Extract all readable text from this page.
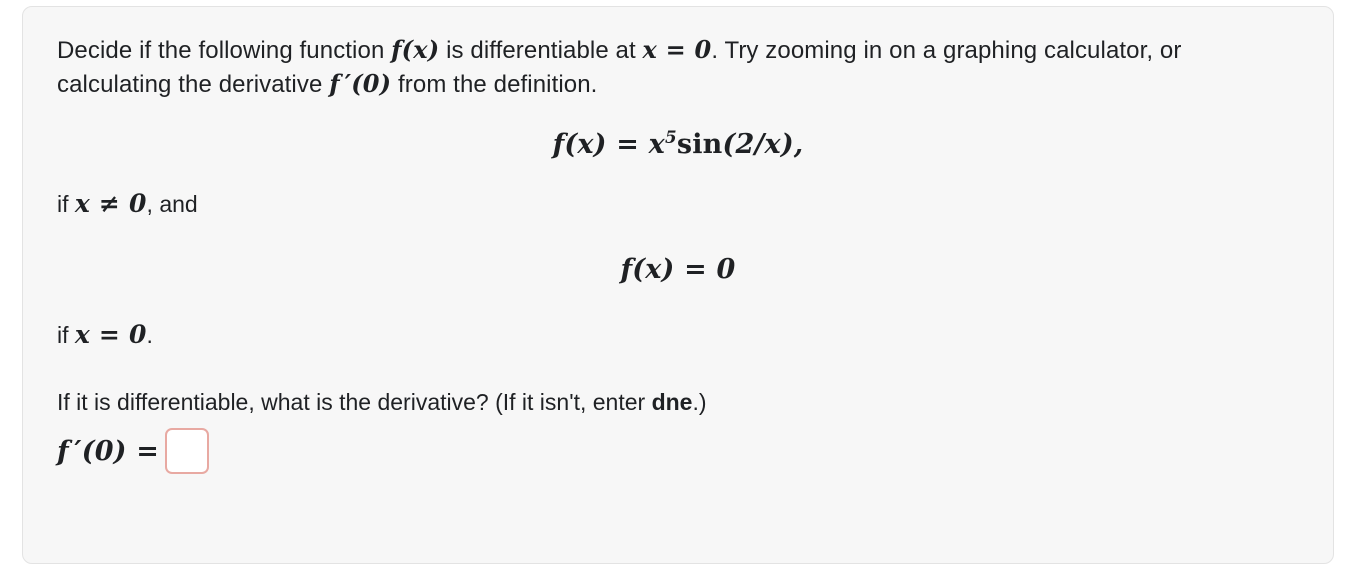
Decide if the following function f(x) is differentiable at x = 0. Try zooming in on a graphing calculator, or calculating the derivative f ′(0) from the definition.
$f(x) = x^5\sin(2/x)$,
if x ≠ 0, and
f(x) = 0
if x = 0.
If it is differentiable, what is the derivative? (If it isn't, enter dne.)
f ′(0) =
